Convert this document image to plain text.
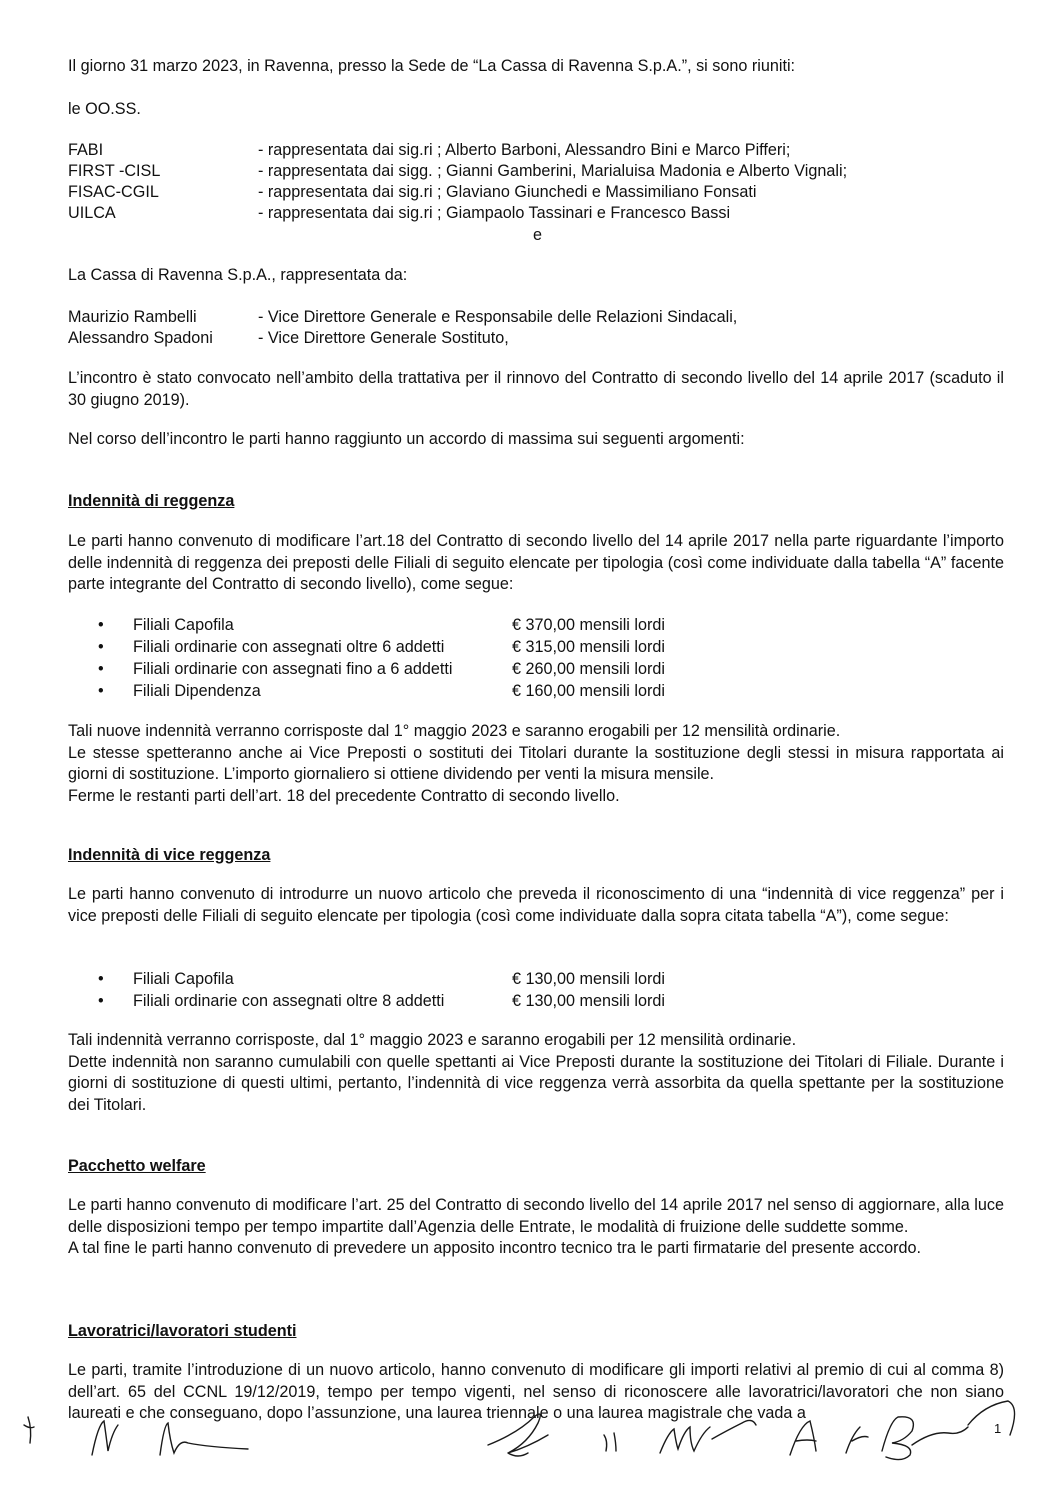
Il giorno 31 marzo 2023, in Ravenna, presso la Sede de “La Cassa di Ravenna S.p.A.”, si sono riuniti:

le OO.SS.

FABI	- rappresentata dai sig.ri ; Alberto Barboni, Alessandro Bini e Marco Pifferi;
FIRST -CISL	- rappresentata dai sigg. ; Gianni Gamberini, Marialuisa Madonia e Alberto Vignali;
FISAC-CGIL	- rappresentata dai sig.ri ; Glaviano Giunchedi e Massimiliano Fonsati
UILCA	- rappresentata dai sig.ri ; Giampaolo Tassinari e Francesco Bassi
e

La Cassa di Ravenna S.p.A., rappresentata da:

Maurizio Rambelli	- Vice Direttore Generale e Responsabile delle Relazioni Sindacali,
Alessandro Spadoni	- Vice Direttore Generale Sostituto,

L’incontro è stato convocato nell’ambito della trattativa per il rinnovo del Contratto di secondo livello del 14 aprile 2017 (scaduto il 30 giugno 2019).

Nel corso dell’incontro le parti hanno raggiunto un accordo di massima sui seguenti argomenti:

Indennità di reggenza

Le parti hanno convenuto di modificare l’art.18 del Contratto di secondo livello del 14 aprile 2017 nella parte riguardante l’importo delle indennità di reggenza dei preposti delle Filiali di seguito elencate per tipologia (così come individuate dalla tabella “A” facente parte integrante del Contratto di secondo livello), come segue:

•	Filiali Capofila	€ 370,00 mensili lordi
•	Filiali ordinarie con assegnati oltre 6 addetti	€ 315,00 mensili lordi
•	Filiali ordinarie con assegnati fino a 6 addetti	€ 260,00 mensili lordi
•	Filiali Dipendenza	€ 160,00 mensili lordi
Tali nuove indennità verranno corrisposte dal 1° maggio 2023 e saranno erogabili per 12 mensilità ordinarie.
Le stesse spetteranno anche ai Vice Preposti o sostituti dei Titolari durante la sostituzione degli stessi in misura rapportata ai giorni di sostituzione. L’importo giornaliero si ottiene dividendo per venti la misura mensile.
Ferme le restanti parti dell’art. 18 del precedente Contratto di secondo livello.
Indennità di vice reggenza

Le parti hanno convenuto di introdurre un nuovo articolo che preveda il riconoscimento di una “indennità di vice reggenza” per i vice preposti delle Filiali di seguito elencate per tipologia (così come individuate dalla sopra citata tabella “A”), come segue:

•	Filiali Capofila	€ 130,00 mensili lordi
•	Filiali ordinarie con assegnati oltre 8 addetti	€ 130,00 mensili lordi
Tali indennità verranno corrisposte, dal 1° maggio 2023 e saranno erogabili per 12 mensilità ordinarie.
Dette indennità non saranno cumulabili con quelle spettanti ai Vice Preposti durante la sostituzione dei Titolari di Filiale. Durante i giorni di sostituzione di questi ultimi, pertanto, l’indennità di vice reggenza verrà assorbita da quella spettante per la sostituzione dei Titolari.
Pacchetto welfare
Le parti hanno convenuto di modificare l’art. 25 del Contratto di secondo livello del 14 aprile 2017 nel senso di aggiornare, alla luce delle disposizioni tempo per tempo impartite dall’Agenzia delle Entrate, le modalità di fruizione delle suddette somme.
A tal fine le parti hanno convenuto di prevedere un apposito incontro tecnico tra le parti firmatarie del presente accordo.
Lavoratrici/lavoratori studenti

Le parti, tramite l’introduzione di un nuovo articolo, hanno convenuto di modificare gli importi relativi al premio di cui al comma 8) dell’art. 65 del CCNL 19/12/2019, tempo per tempo vigenti, nel senso di riconoscere alle lavoratrici/lavoratori che non siano laureati e che conseguano, dopo l’assunzione, una laurea triennale o una laurea magistrale che vada a

1
